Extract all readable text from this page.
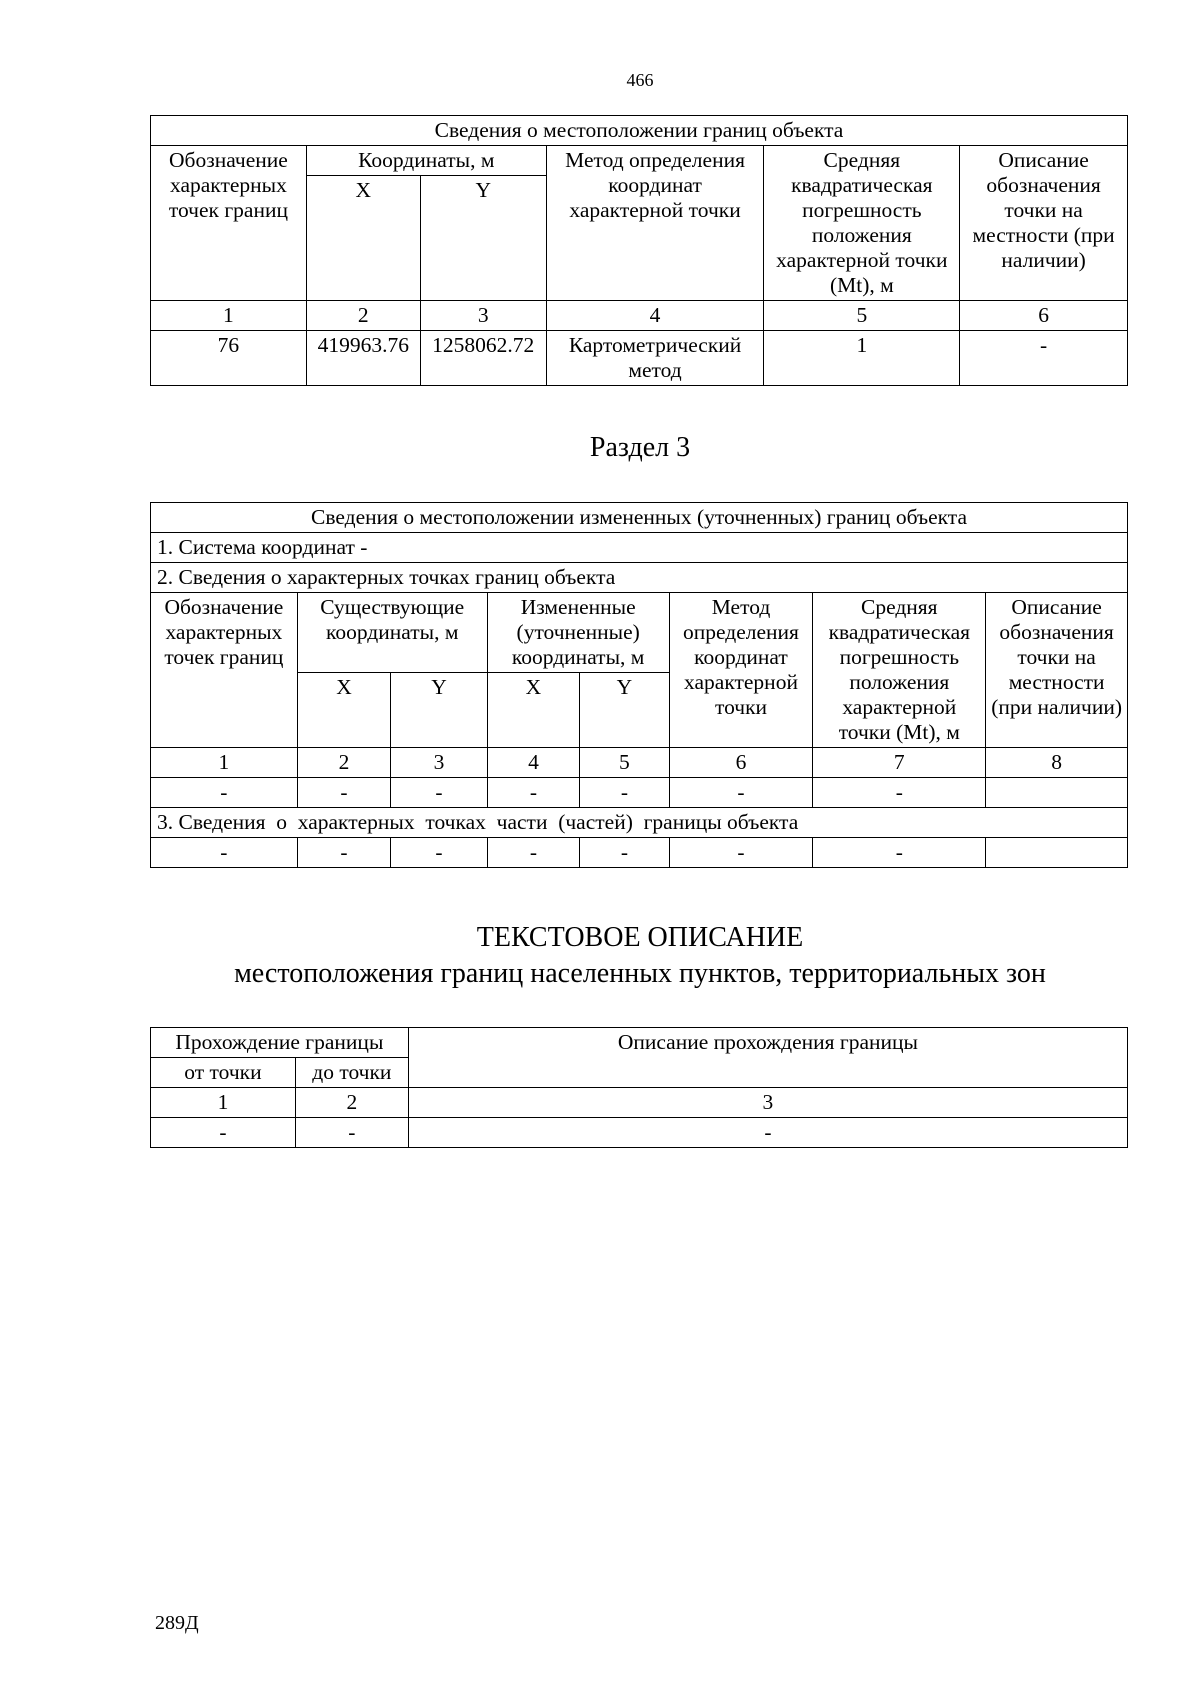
466
Сведения о местоположении границ объекта					
Обозначение характерных точек границ	Координаты, м		Метод определения координат характерной точки	Средняя квадратическая погрешность положения характерной точки (Mt), м	Описание обозначения точки на местности (при наличии)
	X	Y			
1	2	3	4	5	6
76	419963.76	1258062.72	Картометрический метод	1	-
Раздел 3
Сведения о местоположении измененных (уточненных) границ объекта							
1. Система координат -							
2. Сведения о характерных точках границ объекта							
Обозначение характерных точек границ	Существующие координаты, м		Измененные (уточненные) координаты, м		Метод определения координат характерной точки	Средняя квадратическая погрешность положения характерной точки (Mt), м	Описание обозначения точки на местности (при наличии)
	X	Y	X	Y			
1	2	3	4	5	6	7	8
-	-	-	-	-	-	-	
3. Сведения  о  характерных  точках  части  (частей)  границы объекта							
-	-	-	-	-	-	-	
ТЕКСТОВОЕ ОПИСАНИЕ
местоположения границ населенных пунктов, территориальных зон
Прохождение границы		Описание прохождения границы
от точки	до точки	
1	2	3
-	-	-
289Д
